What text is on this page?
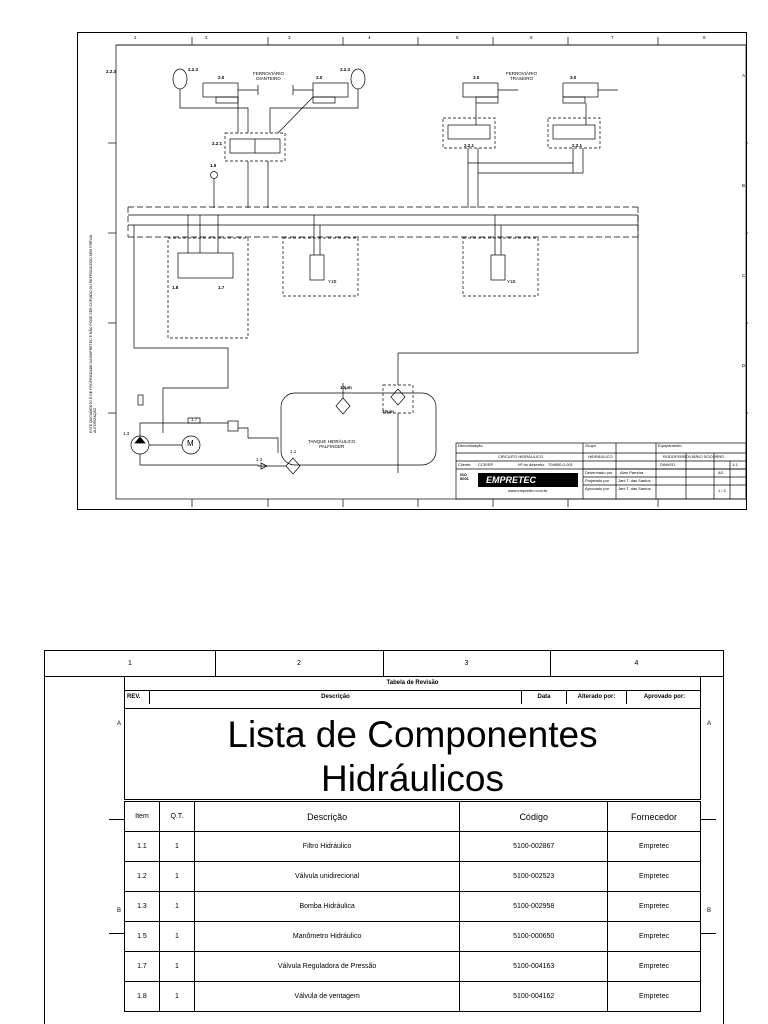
1	2	3	4	5	6	7	8
A
B
C
D
2.2.3	2.2.3	2.2.3
2.0	2.0	3.0	3.0
FERROVIÁRIO
DIANTEIRO
FERROVIÁRIO
TRASEIRO
2.2.1	2.2.1	2.2.1
1.5
1.8	1.7
Y1B	Y1B
TANQUE HIDRÁULICO
PALFINGER
10μm
10μm
1.3
M
1.7
1.1
1.2
ESTE DOCUMENTO É DE PROPRIEDADE DA EMPRETEC E NÃO PODE SER COPIADO OU REPRODUZIDO SEM PRÉVIA AUTORIZAÇÃO
Denominação
CIRCUITO HIDRÁULICO
Grupo
HIDRÁULICO
Equipamento
RODOFERROVIÁRIO SOCORRO
Cliente CCR/SP	Nº do desenho 704650-0-001
Desenhado por Alan Parreira
Projetado por Jani T. das Santos
Aprovado por Jani T. das Santos
DIN/ISO
A3
1:1
1 / 2
ISO
9001 EMPRETEC
www.empretec.com.br
1	2	3	4
A	A
B	B
Tabela de Revisão
REV.	Descrição	Data	Alterado por:	Aprovado por:
Lista de Componentes
Hidráulicos
Item	Q.T.	Descrição	Código	Fornecedor
1.1	1	Filtro Hidráulico	5100-002867	Empretec
1.2	1	Válvula unidirecional	5100-002523	Empretec
1.3	1	Bomba Hidráulica	5100-002958	Empretec
1.5	1	Manômetro Hidráulico	5100-000650	Empretec
1.7	1	Válvula Reguladora de Pressão	5100-004163	Empretec
1.8	1	Válvula de ventagem	5100-004162	Empretec
